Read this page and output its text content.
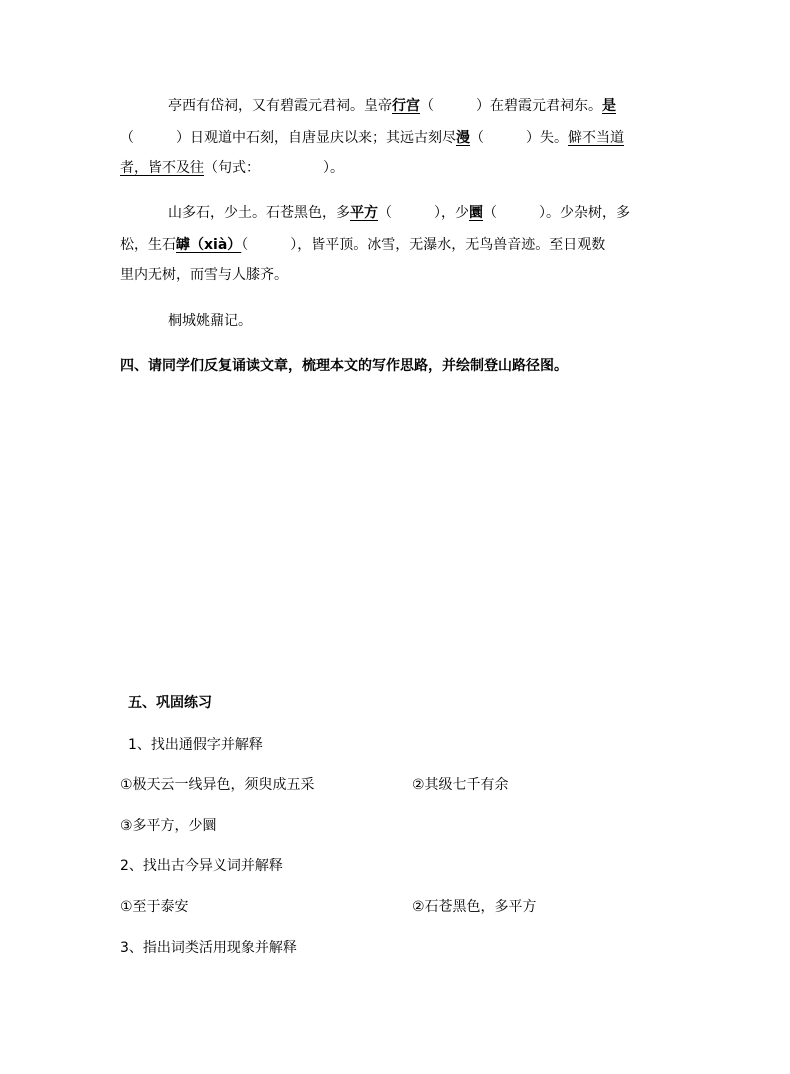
亭西有岱祠，又有碧霞元君祠。皇帝行宫（　　　）在碧霞元君祠东。是

（　　　）日观道中石刻，自唐显庆以来；其远古刻尽漫（　　　）失。僻不当道

者，皆不及往（句式：　　　　　）。

山多石，少土。石苍黑色，多平方（　　　），少圜（　　　）。少杂树，多

松，生石罅（xià）（　　　），皆平顶。冰雪，无瀑水，无鸟兽音迹。至日观数

里内无树，而雪与人膝齐。

桐城姚鼐记。

四、请同学们反复诵读文章，梳理本文的写作思路，并绘制登山路径图。

五、巩固练习

1、找出通假字并解释

①极天云一线异色，须臾成五采	②其级七千有余

③多平方，少圜

2、找出古今异义词并解释

①至于泰安	②石苍黑色，多平方

3、指出词类活用现象并解释
